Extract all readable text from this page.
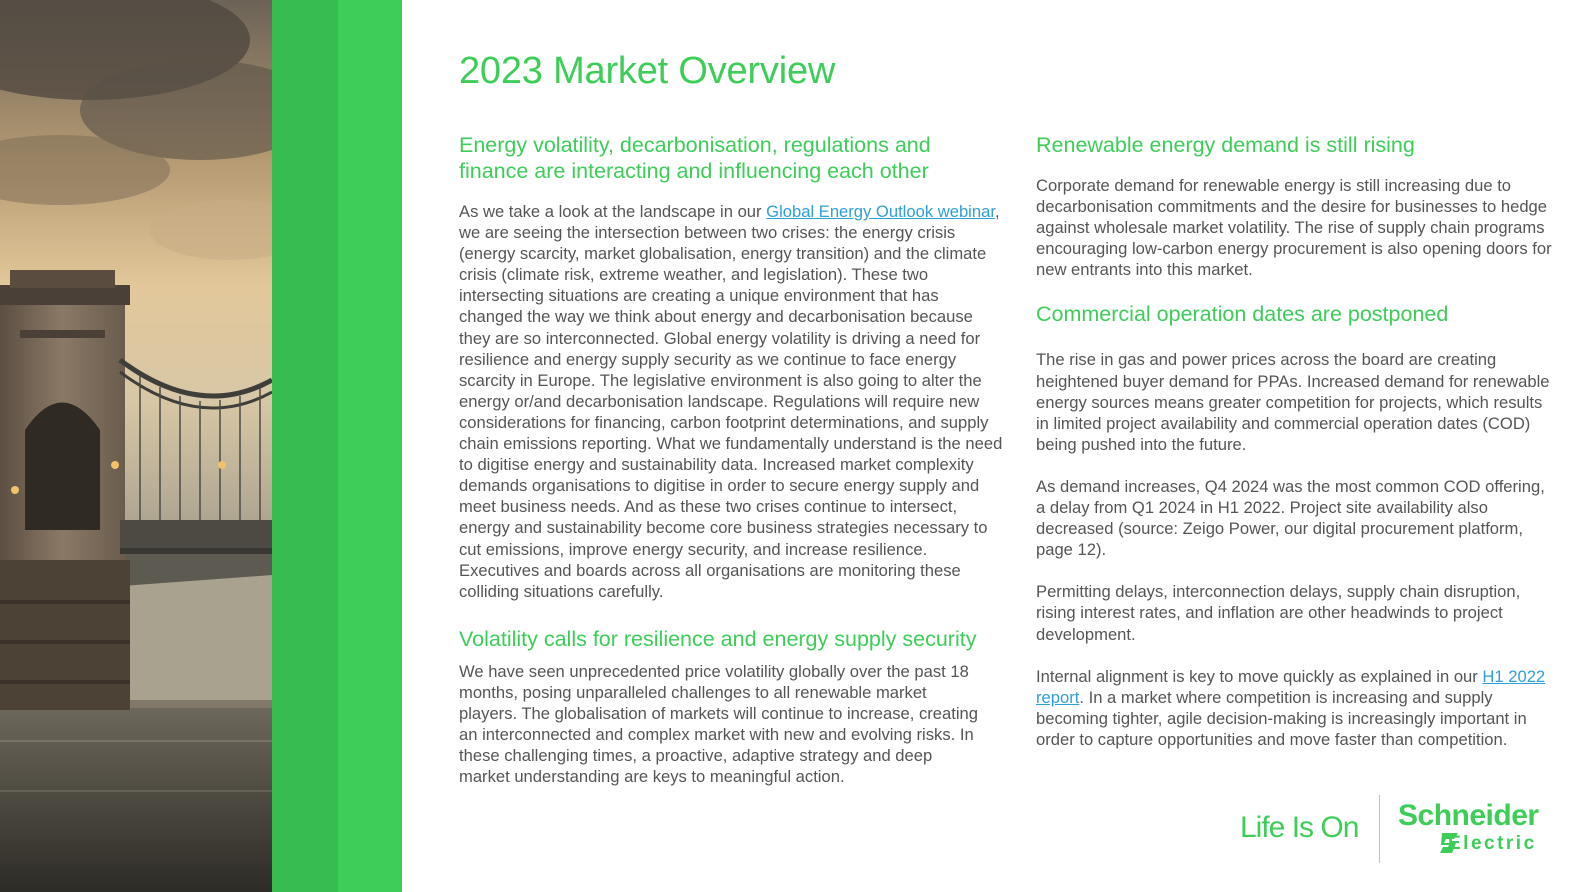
2023 Market Overview
Energy volatility, decarbonisation, regulations and finance are interacting and influencing each other

As we take a look at the landscape in our Global Energy Outlook webinar, we are seeing the intersection between two crises: the energy crisis (energy scarcity, market globalisation, energy transition) and the climate crisis (climate risk, extreme weather, and legislation). These two intersecting situations are creating a unique environment that has changed the way we think about energy and decarbonisation because they are so interconnected. Global energy volatility is driving a need for resilience and energy supply security as we continue to face energy scarcity in Europe. The legislative environment is also going to alter the energy or/and decarbonisation landscape. Regulations will require new considerations for financing, carbon footprint determinations, and supply chain emissions reporting. What we fundamentally understand is the need to digitise energy and sustainability data. Increased market complexity demands organisations to digitise in order to secure energy supply and meet business needs. And as these two crises continue to intersect, energy and sustainability become core business strategies necessary to cut emissions, improve energy security, and increase resilience. Executives and boards across all organisations are monitoring these colliding situations carefully.

Volatility calls for resilience and energy supply security

We have seen unprecedented price volatility globally over the past 18 months, posing unparalleled challenges to all renewable market players. The globalisation of markets will continue to increase, creating an interconnected and complex market with new and evolving risks. In these challenging times, a proactive, adaptive strategy and deep market understanding are keys to meaningful action.

Renewable energy demand is still rising

Corporate demand for renewable energy is still increasing due to decarbonisation commitments and the desire for businesses to hedge against wholesale market volatility. The rise of supply chain programs encouraging low-carbon energy procurement is also opening doors for new entrants into this market.

Commercial operation dates are postponed

The rise in gas and power prices across the board are creating heightened buyer demand for PPAs. Increased demand for renewable energy sources means greater competition for projects, which results in limited project availability and commercial operation dates (COD) being pushed into the future.

As demand increases, Q4 2024 was the most common COD offering, a delay from Q1 2024 in H1 2022. Project site availability also decreased (source: Zeigo Power, our digital procurement platform, page 12).

Permitting delays, interconnection delays, supply chain disruption, rising interest rates, and inflation are other headwinds to project development.

Internal alignment is key to move quickly as explained in our H1 2022 report. In a market where competition is increasing and supply becoming tighter, agile decision-making is increasingly important in order to capture opportunities and move faster than competition.

Life Is On Schneider
Electric
